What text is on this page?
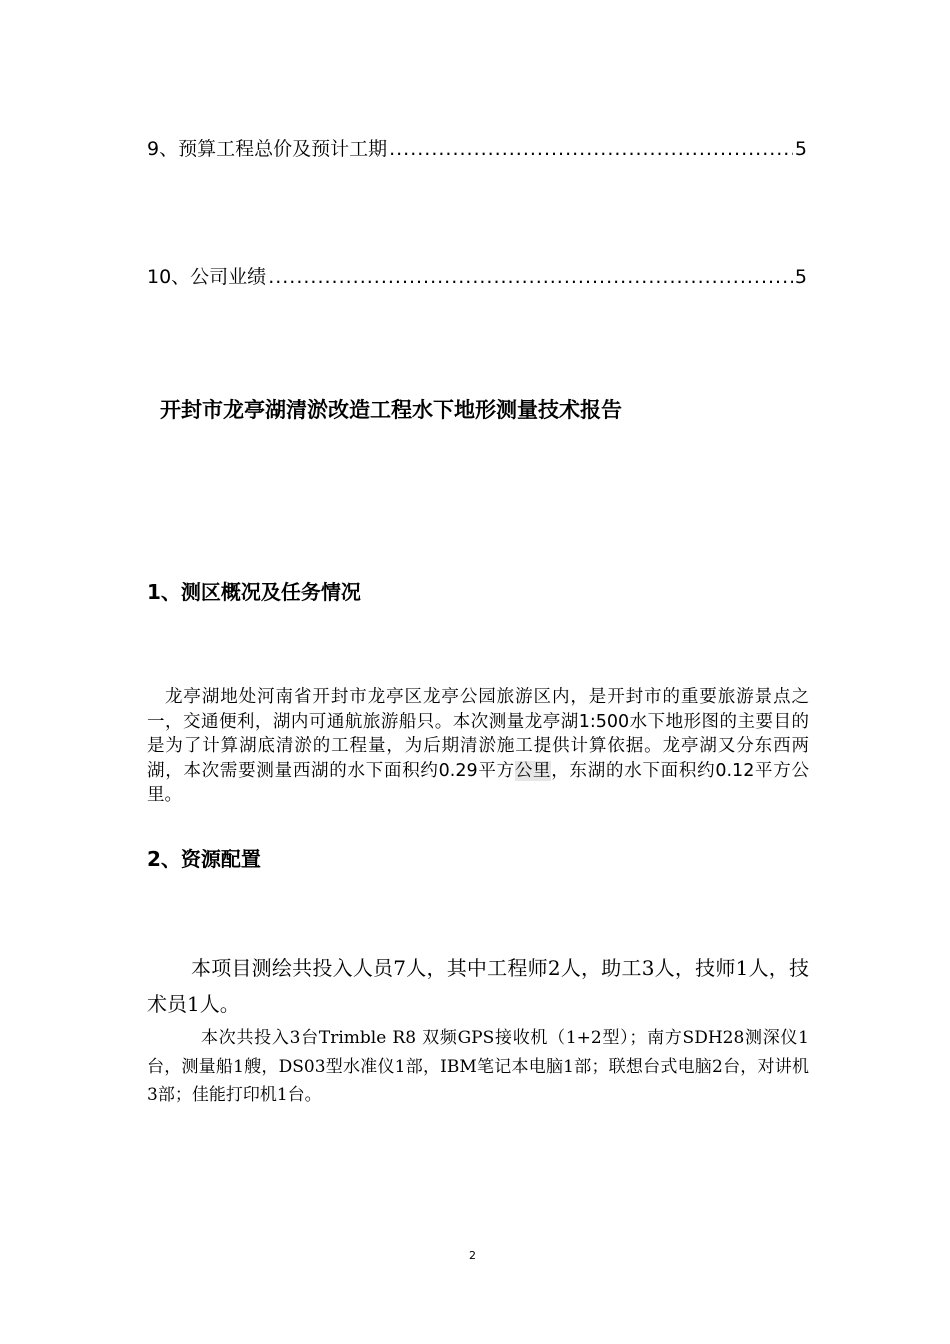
9、预算工程总价及预计工期 .....	5
10、公司业绩 .....	5
开封市龙亭湖清淤改造工程水下地形测量技术报告
1、测区概况及任务情况
龙亭湖地处河南省开封市龙亭区龙亭公园旅游区内，是开封市的重要旅游景点之一，交通便利，湖内可通航旅游船只。本次测量龙亭湖1:500水下地形图的主要目的是为了计算湖底清淤的工程量，为后期清淤施工提供计算依据。龙亭湖又分东西两湖，本次需要测量西湖的水下面积约0.29平方公里，东湖的水下面积约0.12平方公里。
2、资源配置
本项目测绘共投入人员7人，其中工程师2人，助工3人，技师1人，技术员1人。
本次共投入3台Trimble R8 双频GPS接收机（1+2型）；南方SDH28测深仪1台，测量船1艘，DS03型水准仪1部，IBM笔记本电脑1部；联想台式电脑2台，对讲机3部；佳能打印机1台。
2
